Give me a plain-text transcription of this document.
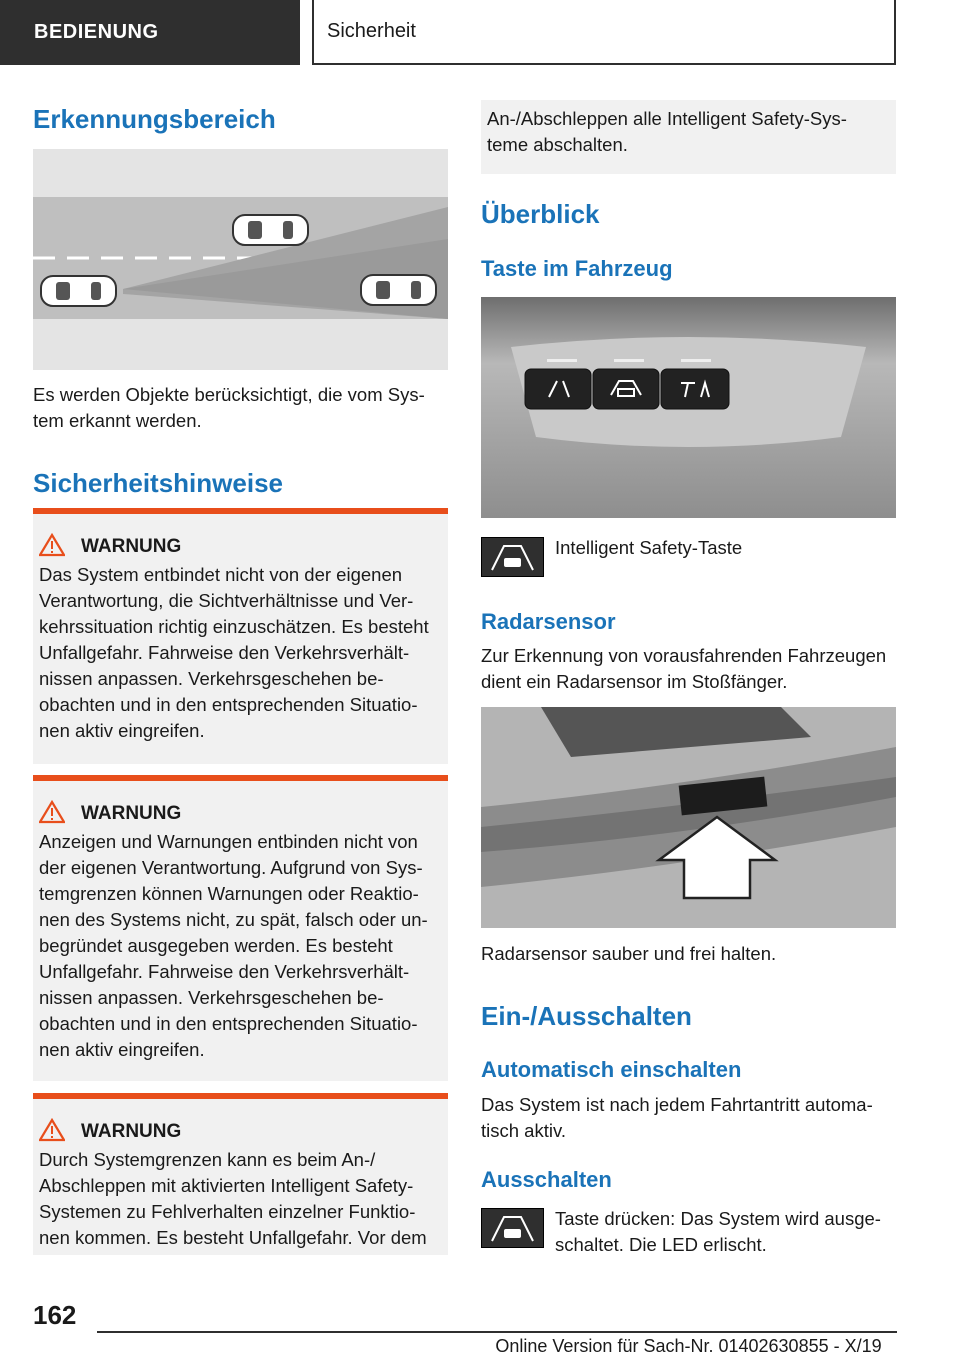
BEDIENUNG	Sicherheit
Erkennungsbereich

Es werden Objekte berücksichtigt, die vom Sys-
tem erkannt werden.

Sicherheitshinweise
WARNUNG
Das System entbindet nicht von der eigenen
Verantwortung, die Sichtverhältnisse und Ver-
kehrssituation richtig einzuschätzen. Es besteht
Unfallgefahr. Fahrweise den Verkehrsverhält-
nissen anpassen. Verkehrsgeschehen be-
obachten und in den entsprechenden Situatio-
nen aktiv eingreifen.
WARNUNG
Anzeigen und Warnungen entbinden nicht von
der eigenen Verantwortung. Aufgrund von Sys-
temgrenzen können Warnungen oder Reaktio-
nen des Systems nicht, zu spät, falsch oder un-
begründet ausgegeben werden. Es besteht
Unfallgefahr. Fahrweise den Verkehrsverhält-
nissen anpassen. Verkehrsgeschehen be-
obachten und in den entsprechenden Situatio-
nen aktiv eingreifen.
WARNUNG
Durch Systemgrenzen kann es beim An-/
Abschleppen mit aktivierten Intelligent Safety-
Systemen zu Fehlverhalten einzelner Funktio-
nen kommen. Es besteht Unfallgefahr. Vor dem
An-/Abschleppen alle Intelligent Safety-Sys-
teme abschalten.
Überblick
Taste im Fahrzeug

Intelligent Safety-Taste

Radarsensor

Zur Erkennung von vorausfahrenden Fahrzeugen
dient ein Radarsensor im Stoßfänger.

Radarsensor sauber und frei halten.

Ein-/Ausschalten
Automatisch einschalten

Das System ist nach jedem Fahrtantritt automa-
tisch aktiv.

Ausschalten

Taste drücken: Das System wird ausge-
schaltet. Die LED erlischt.

162
Online Version für Sach-Nr. 01402630855 - X/19
